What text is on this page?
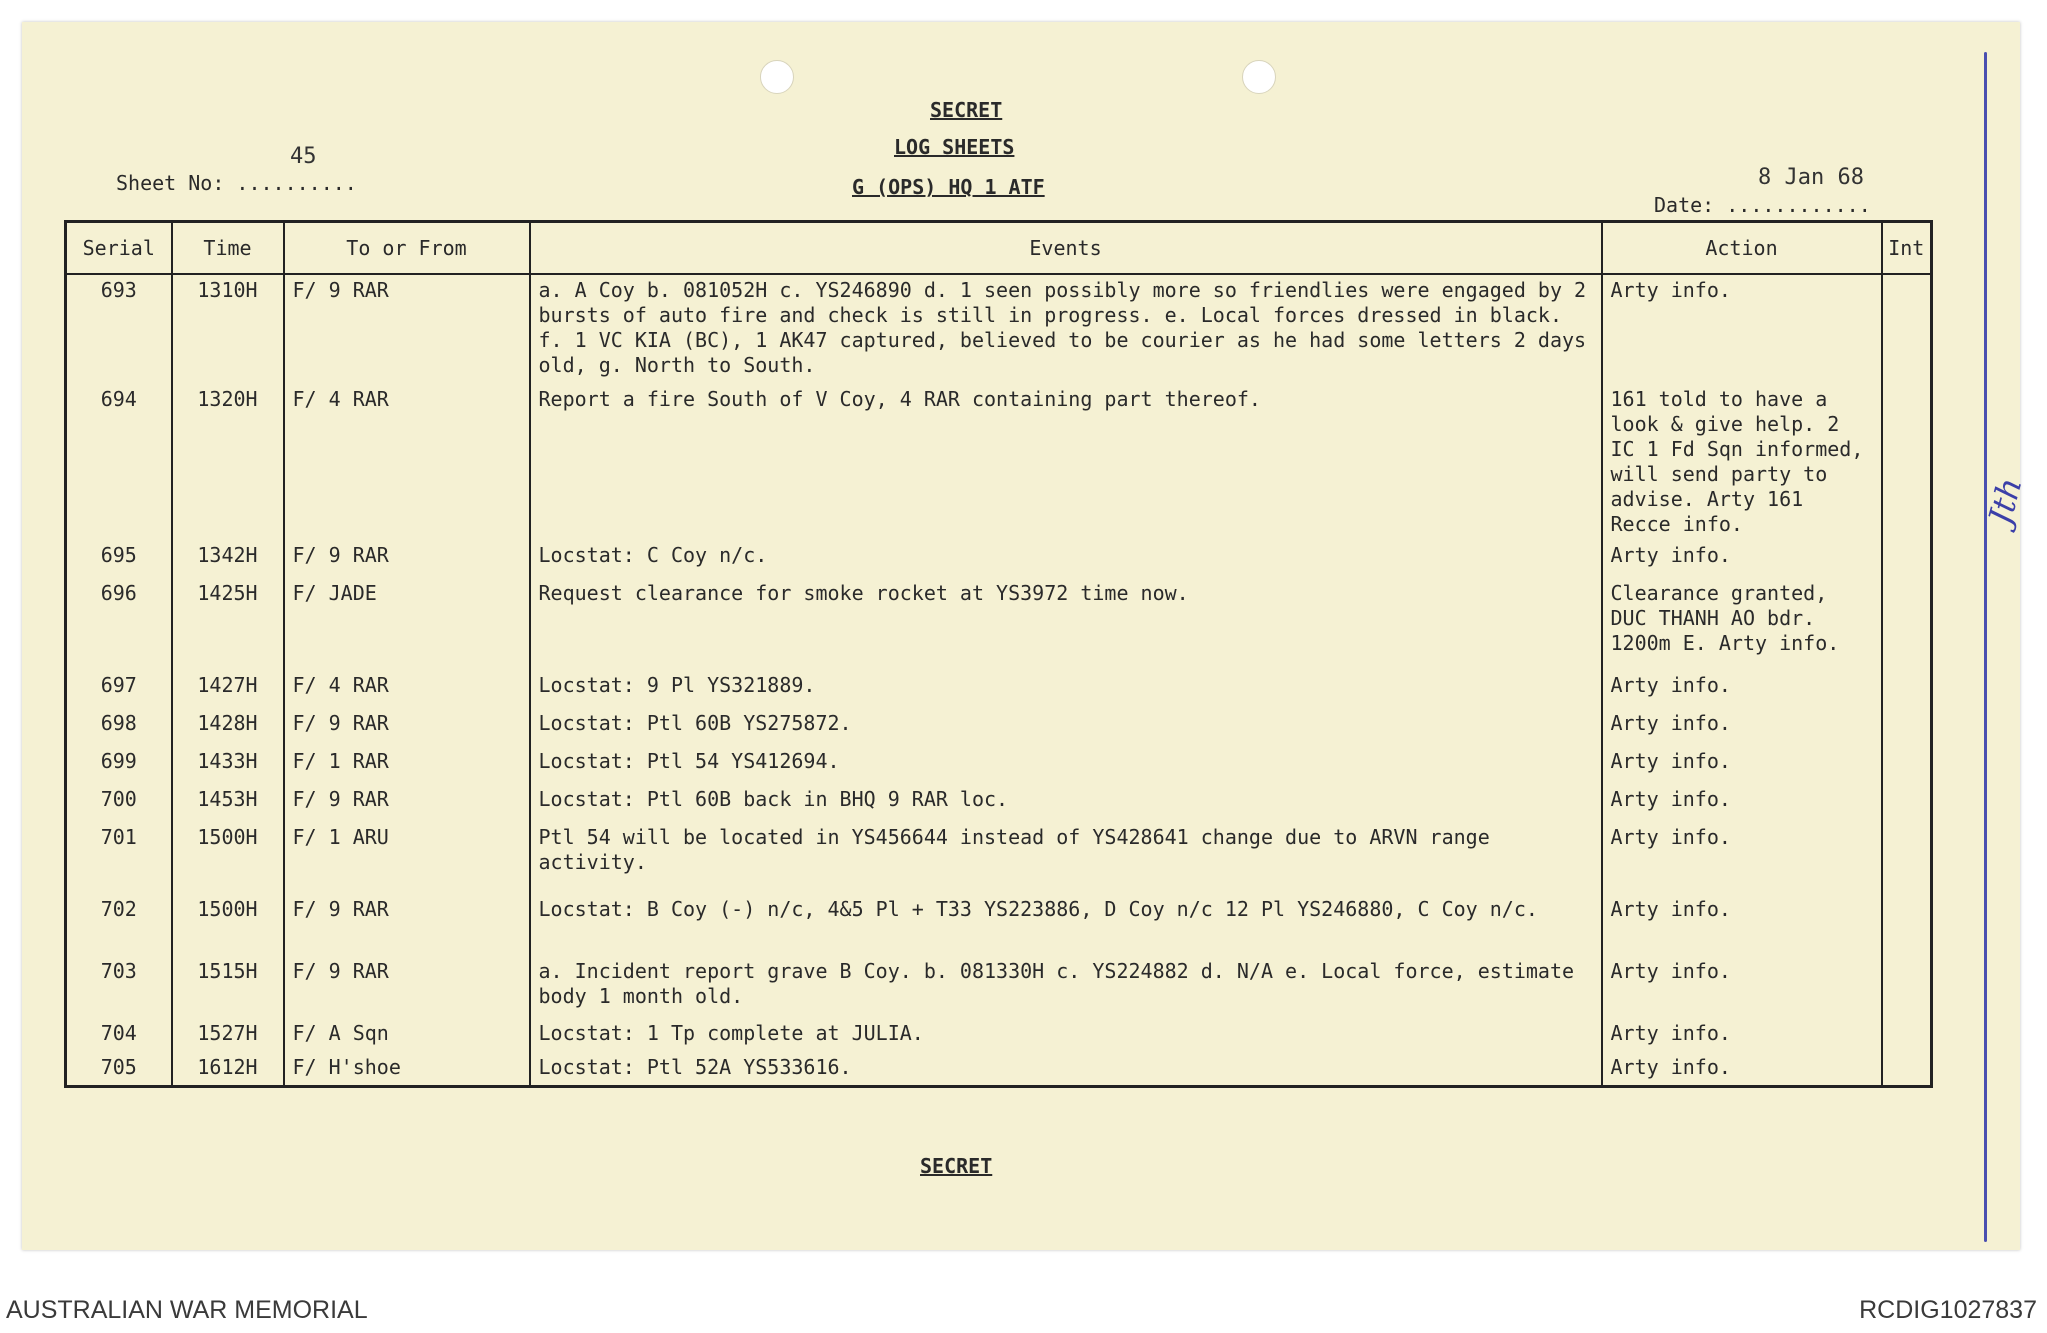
SECRET
LOG SHEETS
G (OPS) HQ 1 ATF
45
Sheet No: ..........	8 Jan 68
Date: ............
Jth
SECRET
Serial	Time	To or From	Events	Action	Int
693	1310H	F/ 9 RAR	a. A Coy b. 081052H c. YS246890 d. 1 seen possibly more so friendlies were engaged by 2 bursts of auto fire and check is still in progress. e. Local forces dressed in black. f. 1 VC KIA (BC), 1 AK47 captured, believed to be courier as he had some letters 2 days old, g. North to South.	Arty info.	
694	1320H	F/ 4 RAR	Report a fire South of V Coy, 4 RAR containing part thereof.	161 told to have a look & give help. 2 IC 1 Fd Sqn informed, will send party to advise. Arty 161 Recce info.	
695	1342H	F/ 9 RAR	Locstat: C Coy n/c.	Arty info.	
696	1425H	F/ JADE	Request clearance for smoke rocket at YS3972 time now.	Clearance granted, DUC THANH AO bdr. 1200m E. Arty info.	
697	1427H	F/ 4 RAR	Locstat: 9 Pl YS321889.	Arty info.	
698	1428H	F/ 9 RAR	Locstat: Ptl 60B YS275872.	Arty info.	
699	1433H	F/ 1 RAR	Locstat: Ptl 54 YS412694.	Arty info.	
700	1453H	F/ 9 RAR	Locstat: Ptl 60B back in BHQ 9 RAR loc.	Arty info.	
701	1500H	F/ 1 ARU	Ptl 54 will be located in YS456644 instead of YS428641 change due to ARVN range activity.	Arty info.	
702	1500H	F/ 9 RAR	Locstat: B Coy (-) n/c, 4&5 Pl + T33 YS223886, D Coy n/c 12 Pl YS246880, C Coy n/c.	Arty info.	
703	1515H	F/ 9 RAR	a. Incident report grave B Coy. b. 081330H c. YS224882 d. N/A e. Local force, estimate body 1 month old.	Arty info.	
704	1527H	F/ A Sqn	Locstat: 1 Tp complete at JULIA.	Arty info.	
705	1612H	F/ H'shoe	Locstat: Ptl 52A YS533616.	Arty info.	
AUSTRALIAN WAR MEMORIAL	RCDIG1027837
